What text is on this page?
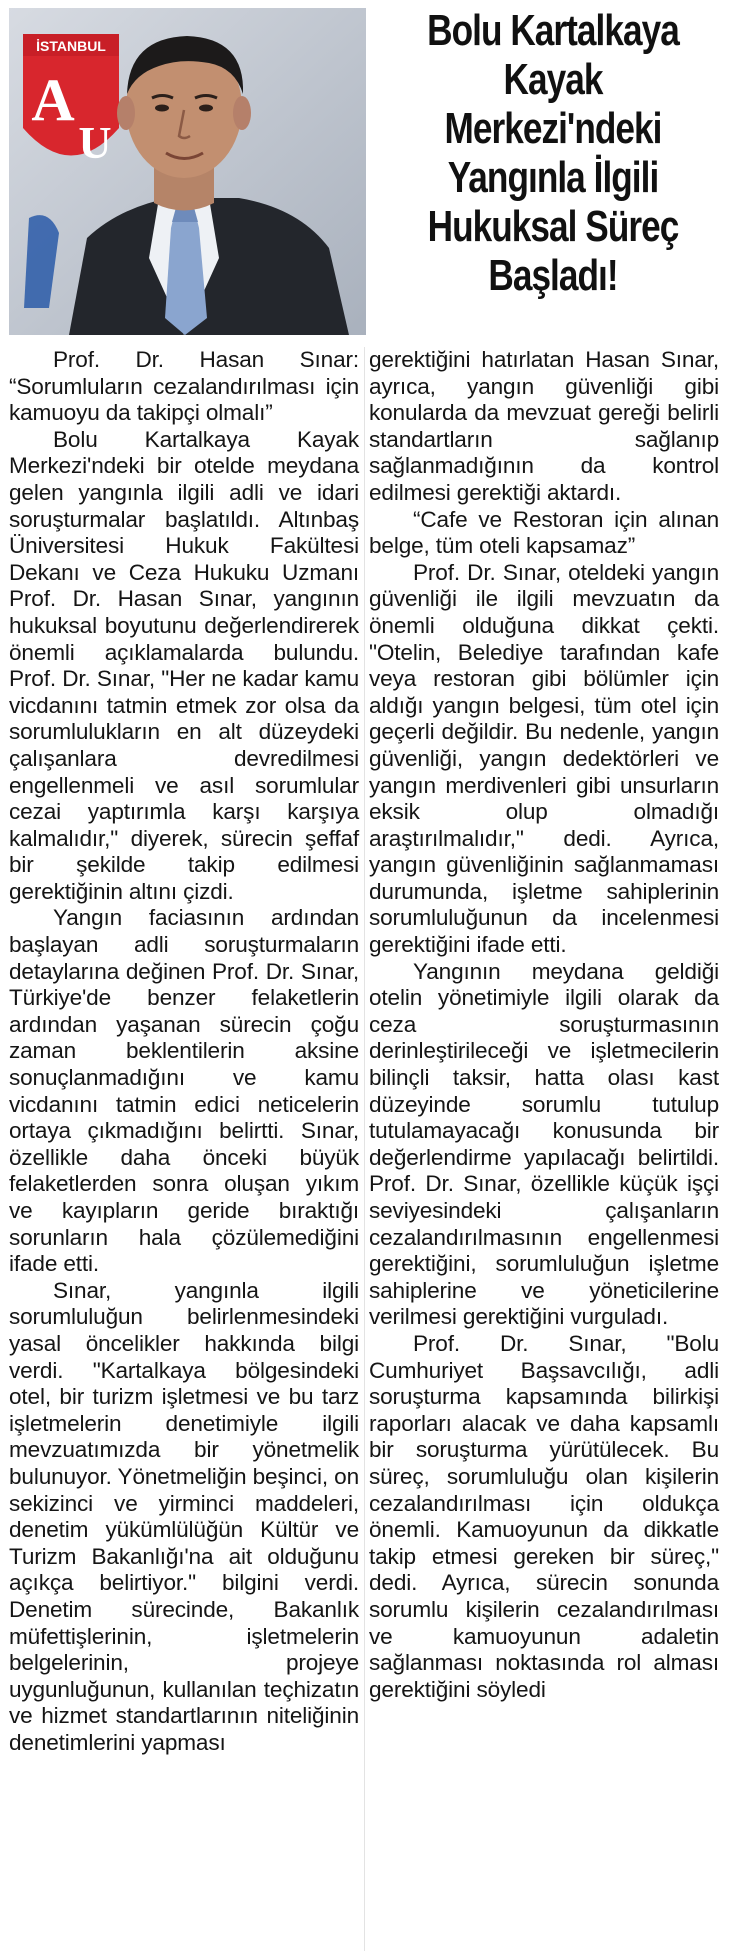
İSTANBUL
A
U
Bolu Kartalkaya Kayak Merkezi'ndeki Yangınla İlgili Hukuksal Süreç Başladı!

Prof. Dr. Hasan Sınar: “Sorumluların cezalandırılması için kamuoyu da takipçi olmalı”

Bolu Kartalkaya Kayak Merkezi'ndeki bir otelde meydana gelen yangınla ilgili adli ve idari soruşturmalar başlatıldı. Altınbaş Üniversitesi Hukuk Fakültesi Dekanı ve Ceza Hukuku Uzmanı Prof. Dr. Hasan Sınar, yangının hukuksal boyutunu değerlendirerek önemli açıklamalarda bulundu. Prof. Dr. Sınar, "Her ne kadar kamu vicdanını tatmin etmek zor olsa da sorumlulukların en alt düzeydeki çalışanlara devredilmesi engellenmeli ve asıl sorumlular cezai yaptırımla karşı karşıya kalmalıdır," diyerek, sürecin şeffaf bir şekilde takip edilmesi gerektiğinin altını çizdi.

Yangın faciasının ardından başlayan adli soruşturmaların detaylarına değinen Prof. Dr. Sınar, Türkiye'de benzer felaketlerin ardından yaşanan sürecin çoğu zaman beklentilerin aksine sonuçlanmadığını ve kamu vicdanını tatmin edici neticelerin ortaya çıkmadığını belirtti. Sınar, özellikle daha önceki büyük felaketlerden sonra oluşan yıkım ve kayıpların geride bıraktığı sorunların hala çözülemediğini ifade etti.

Sınar, yangınla ilgili sorumluluğun belirlenmesindeki yasal öncelikler hakkında bilgi verdi. "Kartalkaya bölgesindeki otel, bir turizm işletmesi ve bu tarz işletmelerin denetimiyle ilgili mevzuatımızda bir yönetmelik bulunuyor. Yönetmeliğin beşinci, on sekizinci ve yirminci maddeleri, denetim yükümlülüğün Kültür ve Turizm Bakanlığı'na ait olduğunu açıkça belirtiyor." bilgini verdi. Denetim sürecinde, Bakanlık müfettişlerinin, işletmelerin belgelerinin, projeye uygunluğunun, kullanılan teçhizatın ve hizmet standartlarının niteliğinin denetimlerini yapması

gerektiğini hatırlatan Hasan Sınar, ayrıca, yangın güvenliği gibi konularda da mevzuat gereği belirli standartların sağlanıp sağlanmadığının da kontrol edilmesi gerektiği aktardı.

“Cafe ve Restoran için alınan belge, tüm oteli kapsamaz”

Prof. Dr. Sınar, oteldeki yangın güvenliği ile ilgili mevzuatın da önemli olduğuna dikkat çekti. "Otelin, Belediye tarafından kafe veya restoran gibi bölümler için aldığı yangın belgesi, tüm otel için geçerli değildir. Bu nedenle, yangın güvenliği, yangın dedektörleri ve yangın merdivenleri gibi unsurların eksik olup olmadığı araştırılmalıdır," dedi. Ayrıca, yangın güvenliğinin sağlanmaması durumunda, işletme sahiplerinin sorumluluğunun da incelenmesi gerektiğini ifade etti.

Yangının meydana geldiği otelin yönetimiyle ilgili olarak da ceza soruşturmasının derinleştirileceği ve işletmecilerin bilinçli taksir, hatta olası kast düzeyinde sorumlu tutulup tutulamayacağı konusunda bir değerlendirme yapılacağı belirtildi. Prof. Dr. Sınar, özellikle küçük işçi seviyesindeki çalışanların cezalandırılmasının engellenmesi gerektiğini, sorumluluğun işletme sahiplerine ve yöneticilerine verilmesi gerektiğini vurguladı.

Prof. Dr. Sınar, "Bolu Cumhuriyet Başsavcılığı, adli soruşturma kapsamında bilirkişi raporları alacak ve daha kapsamlı bir soruşturma yürütülecek. Bu süreç, sorumluluğu olan kişilerin cezalandırılması için oldukça önemli. Kamuoyunun da dikkatle takip etmesi gereken bir süreç," dedi. Ayrıca, sürecin sonunda sorumlu kişilerin cezalandırılması ve kamuoyunun adaletin sağlanması noktasında rol alması gerektiğini söyledi
